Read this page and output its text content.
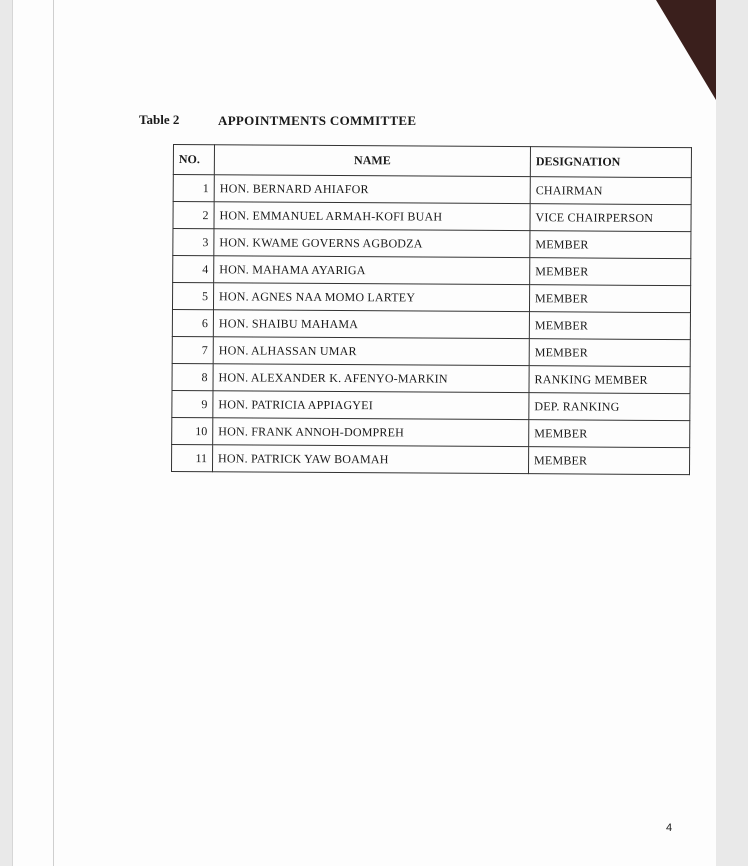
Table 2	APPOINTMENTS COMMITTEE
NO.	NAME	DESIGNATION
1	HON. BERNARD AHIAFOR	CHAIRMAN
2	HON. EMMANUEL ARMAH-KOFI BUAH	VICE CHAIRPERSON
3	HON. KWAME GOVERNS AGBODZA	MEMBER
4	HON. MAHAMA AYARIGA	MEMBER
5	HON. AGNES NAA MOMO LARTEY	MEMBER
6	HON. SHAIBU MAHAMA	MEMBER
7	HON. ALHASSAN UMAR	MEMBER
8	HON. ALEXANDER K. AFENYO-MARKIN	RANKING MEMBER
9	HON. PATRICIA APPIAGYEI	DEP. RANKING
10	HON. FRANK ANNOH-DOMPREH	MEMBER
11	HON. PATRICK YAW BOAMAH	MEMBER
4
